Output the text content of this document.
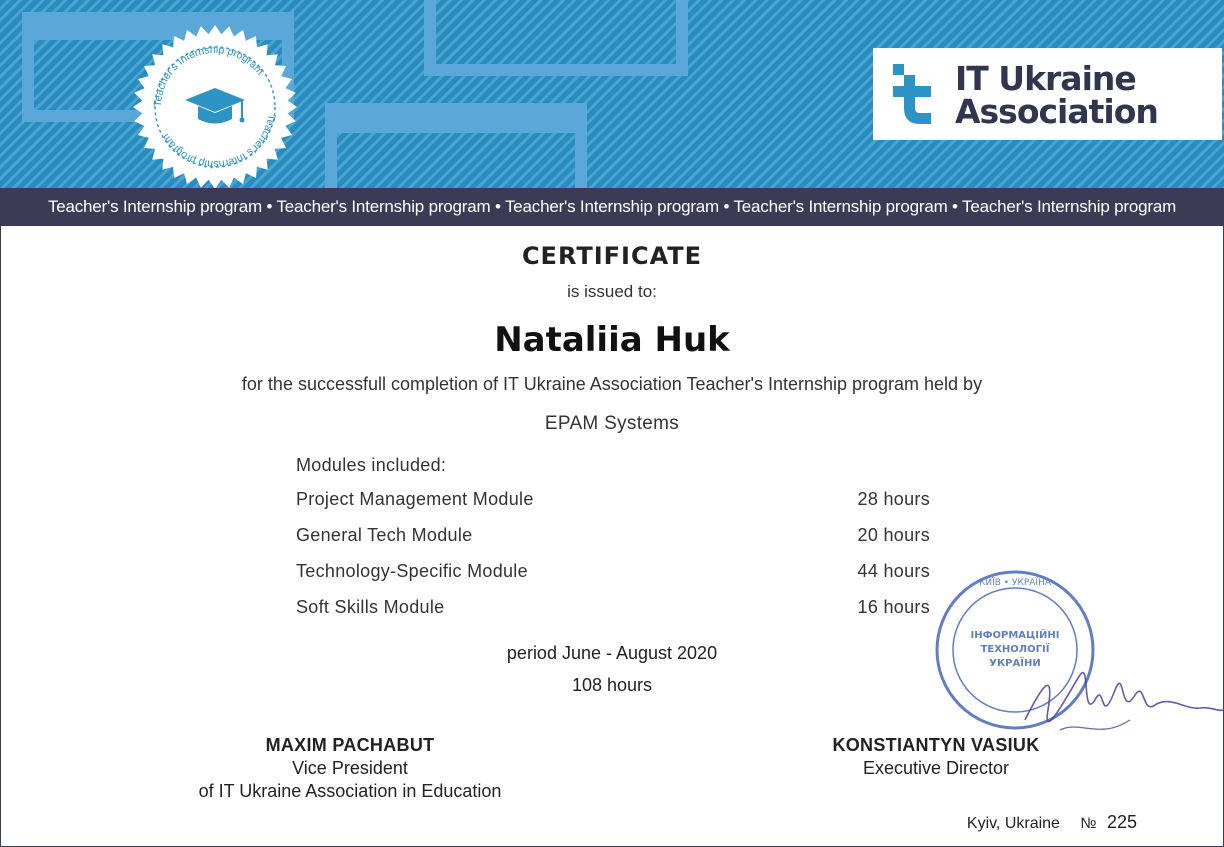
Teacher's Internship program
Teacher's Internship program
IT Ukraine
Association
Teacher's Internship program • Teacher's Internship program • Teacher's Internship program • Teacher's Internship program • Teacher's Internship program
CERTIFICATE
is issued to:
Nataliia Huk
for the successfull completion of IT Ukraine Association Teacher's Internship program held by
EPAM Systems
Modules included:
Project Management Module	28 hours
General Tech Module	20 hours
Technology-Specific Module	44 hours
Soft Skills Module	16 hours
period June - August 2020
108 hours
КИЇВ • УКРАЇНА
ІНФОРМАЦІЙНІ
ТЕХНОЛОГІЇ
УКРАЇНИ
MAXIM PACHABUT
Vice President
of IT Ukraine Association in Education
KONSTIANTYN VASIUK
Executive Director
Kyiv, Ukraine № 225
